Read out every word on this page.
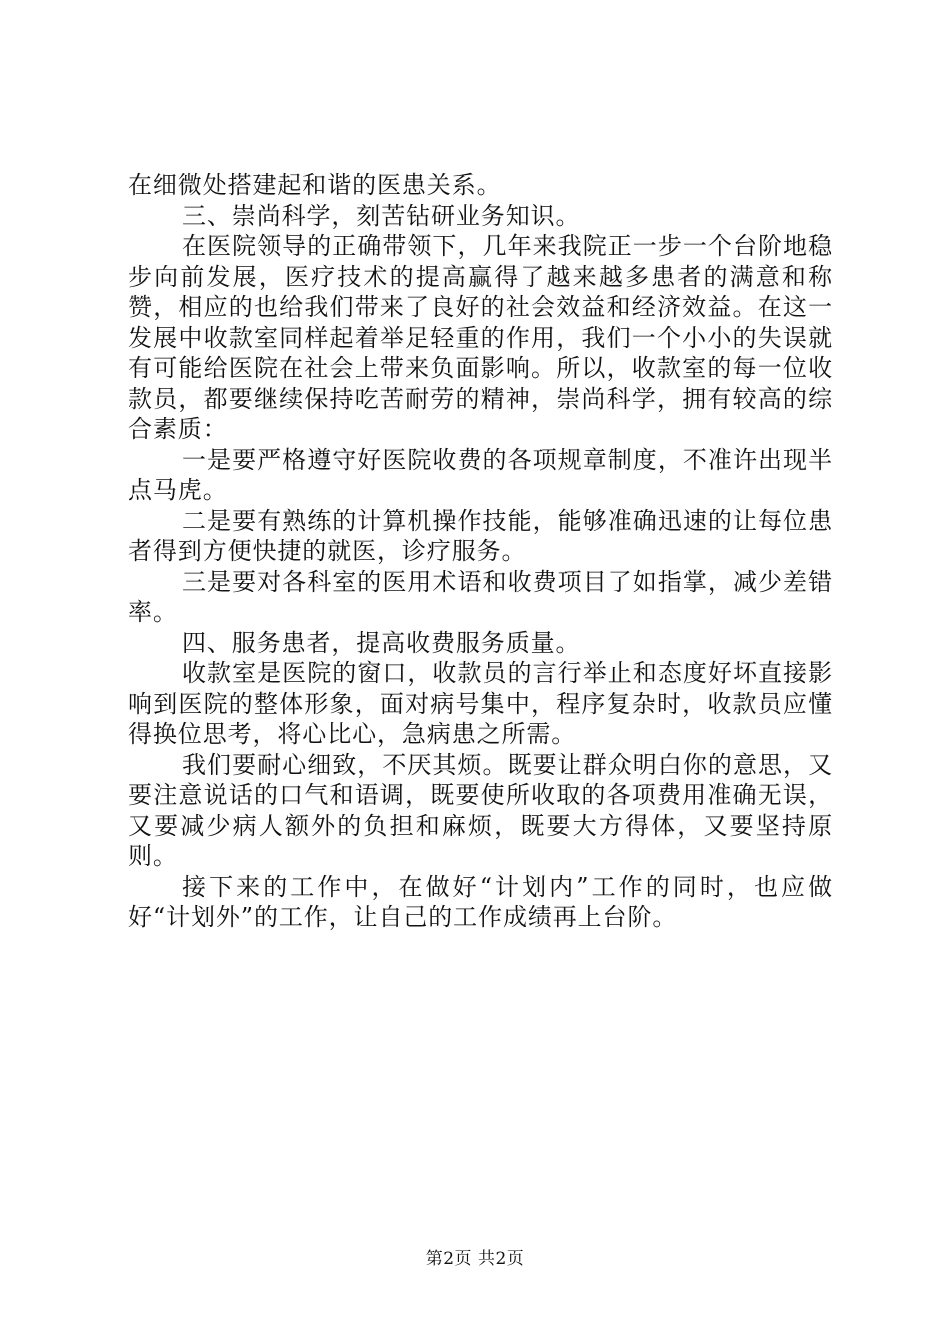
在细微处搭建起和谐的医患关系。

三、崇尚科学，刻苦钻研业务知识。

在医院领导的正确带领下，几年来我院正一步一个台阶地稳步向前发展，医疗技术的提高赢得了越来越多患者的满意和称赞，相应的也给我们带来了良好的社会效益和经济效益。在这一发展中收款室同样起着举足轻重的作用，我们一个小小的失误就有可能给医院在社会上带来负面影响。所以，收款室的每一位收款员，都要继续保持吃苦耐劳的精神，崇尚科学，拥有较高的综合素质：

一是要严格遵守好医院收费的各项规章制度，不准许出现半点马虎。

二是要有熟练的计算机操作技能，能够准确迅速的让每位患者得到方便快捷的就医，诊疗服务。

三是要对各科室的医用术语和收费项目了如指掌，减少差错率。

四、服务患者，提高收费服务质量。

收款室是医院的窗口，收款员的言行举止和态度好坏直接影响到医院的整体形象，面对病号集中，程序复杂时，收款员应懂得换位思考，将心比心，急病患之所需。

我们要耐心细致，不厌其烦。既要让群众明白你的意思，又要注意说话的口气和语调，既要使所收取的各项费用准确无误，又要减少病人额外的负担和麻烦，既要大方得体，又要坚持原则。

接下来的工作中，在做好“计划内”工作的同时，也应做好“计划外”的工作，让自己的工作成绩再上台阶。

第2页 共2页
